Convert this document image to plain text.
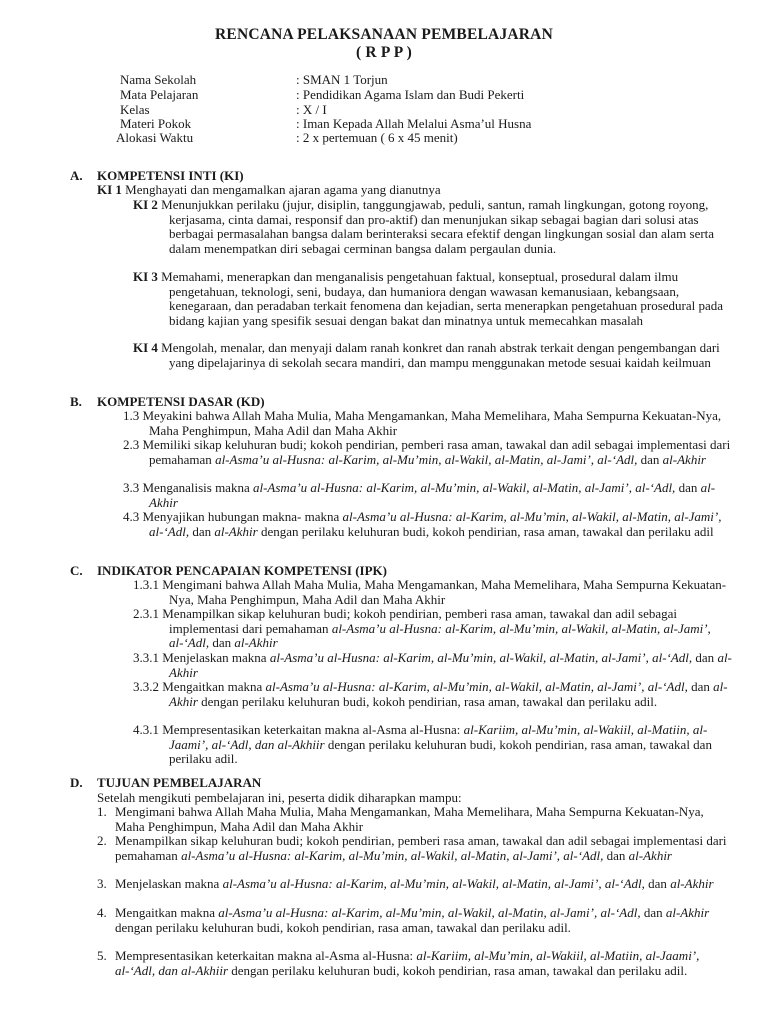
RENCANA PELAKSANAAN PEMBELAJARAN
( R P P )
Nama Sekolah	: SMAN 1 Torjun
Mata Pelajaran	: Pendidikan Agama Islam dan Budi Pekerti
Kelas	: X / I
Materi Pokok	: Iman Kepada Allah Melalui Asma’ul Husna
Alokasi Waktu	: 2 x pertemuan ( 6 x 45 menit)
A. KOMPETENSI INTI (KI)
KI 1 Menghayati dan mengamalkan ajaran agama yang dianutnya
KI 2 Menunjukkan perilaku (jujur, disiplin, tanggungjawab, peduli, santun, ramah lingkungan, gotong royong, kerjasama, cinta damai, responsif dan pro-aktif) dan menunjukan sikap sebagai bagian dari solusi atas berbagai permasalahan bangsa dalam berinteraksi secara efektif dengan lingkungan sosial dan alam serta dalam menempatkan diri sebagai cerminan bangsa dalam pergaulan dunia.
KI 3 Memahami, menerapkan dan menganalisis pengetahuan faktual, konseptual, prosedural dalam ilmu pengetahuan, teknologi, seni, budaya, dan humaniora dengan wawasan kemanusiaan, kebangsaan, kenegaraan, dan peradaban terkait fenomena dan kejadian, serta menerapkan pengetahuan prosedural pada bidang kajian yang spesifik sesuai dengan bakat dan minatnya untuk memecahkan masalah
KI 4 Mengolah, menalar, dan menyaji dalam ranah konkret dan ranah abstrak terkait dengan pengembangan dari yang dipelajarinya di sekolah secara mandiri, dan mampu menggunakan metode sesuai kaidah keilmuan
B. KOMPETENSI DASAR (KD)
1.3 Meyakini bahwa Allah Maha Mulia, Maha Mengamankan, Maha Memelihara, Maha Sempurna Kekuatan-Nya, Maha Penghimpun, Maha Adil dan Maha Akhir
2.3 Memiliki sikap keluhuran budi; kokoh pendirian, pemberi rasa aman, tawakal dan adil sebagai implementasi dari pemahaman al-Asma’u al-Husna: al-Karim, al-Mu’min, al-Wakil, al-Matin, al-Jami’, al-‘Adl, dan al-Akhir
3.3 Menganalisis makna al-Asma’u al-Husna: al-Karim, al-Mu’min, al-Wakil, al-Matin, al-Jami’, al-‘Adl, dan al-Akhir
4.3 Menyajikan hubungan makna- makna al-Asma’u al-Husna: al-Karim, al-Mu’min, al-Wakil, al-Matin, al-Jami’, al-‘Adl, dan al-Akhir dengan perilaku keluhuran budi, kokoh pendirian, rasa aman, tawakal dan perilaku adil
C. INDIKATOR PENCAPAIAN KOMPETENSI (IPK)
1.3.1 Mengimani bahwa Allah Maha Mulia, Maha Mengamankan, Maha Memelihara, Maha Sempurna Kekuatan-Nya, Maha Penghimpun, Maha Adil dan Maha Akhir
2.3.1 Menampilkan sikap keluhuran budi; kokoh pendirian, pemberi rasa aman, tawakal dan adil sebagai implementasi dari pemahaman al-Asma’u al-Husna: al-Karim, al-Mu’min, al-Wakil, al-Matin, al-Jami’, al-‘Adl, dan al-Akhir
3.3.1 Menjelaskan makna al-Asma’u al-Husna: al-Karim, al-Mu’min, al-Wakil, al-Matin, al-Jami’, al-‘Adl, dan al-Akhir
3.3.2 Mengaitkan makna al-Asma’u al-Husna: al-Karim, al-Mu’min, al-Wakil, al-Matin, al-Jami’, al-‘Adl, dan al-Akhir dengan perilaku keluhuran budi, kokoh pendirian, rasa aman, tawakal dan perilaku adil.
4.3.1 Mempresentasikan keterkaitan makna al-Asma al-Husna: al-Kariim, al-Mu’min, al-Wakiil, al-Matiin, al-Jaami’, al-‘Adl, dan al-Akhiir dengan perilaku keluhuran budi, kokoh pendirian, rasa aman, tawakal dan perilaku adil.
D. TUJUAN PEMBELAJARAN
Setelah mengikuti pembelajaran ini, peserta didik diharapkan mampu:
1. Mengimani bahwa Allah Maha Mulia, Maha Mengamankan, Maha Memelihara, Maha Sempurna Kekuatan-Nya, Maha Penghimpun, Maha Adil dan Maha Akhir
2. Menampilkan sikap keluhuran budi; kokoh pendirian, pemberi rasa aman, tawakal dan adil sebagai implementasi dari pemahaman al-Asma’u al-Husna: al-Karim, al-Mu’min, al-Wakil, al-Matin, al-Jami’, al-‘Adl, dan al-Akhir
3. Menjelaskan makna al-Asma’u al-Husna: al-Karim, al-Mu’min, al-Wakil, al-Matin, al-Jami’, al-‘Adl, dan al-Akhir
4. Mengaitkan makna al-Asma’u al-Husna: al-Karim, al-Mu’min, al-Wakil, al-Matin, al-Jami’, al-‘Adl, dan al-Akhir dengan perilaku keluhuran budi, kokoh pendirian, rasa aman, tawakal dan perilaku adil.
5. Mempresentasikan keterkaitan makna al-Asma al-Husna: al-Kariim, al-Mu’min, al-Wakiil, al-Matiin, al-Jaami’, al-‘Adl, dan al-Akhiir dengan perilaku keluhuran budi, kokoh pendirian, rasa aman, tawakal dan perilaku adil.
